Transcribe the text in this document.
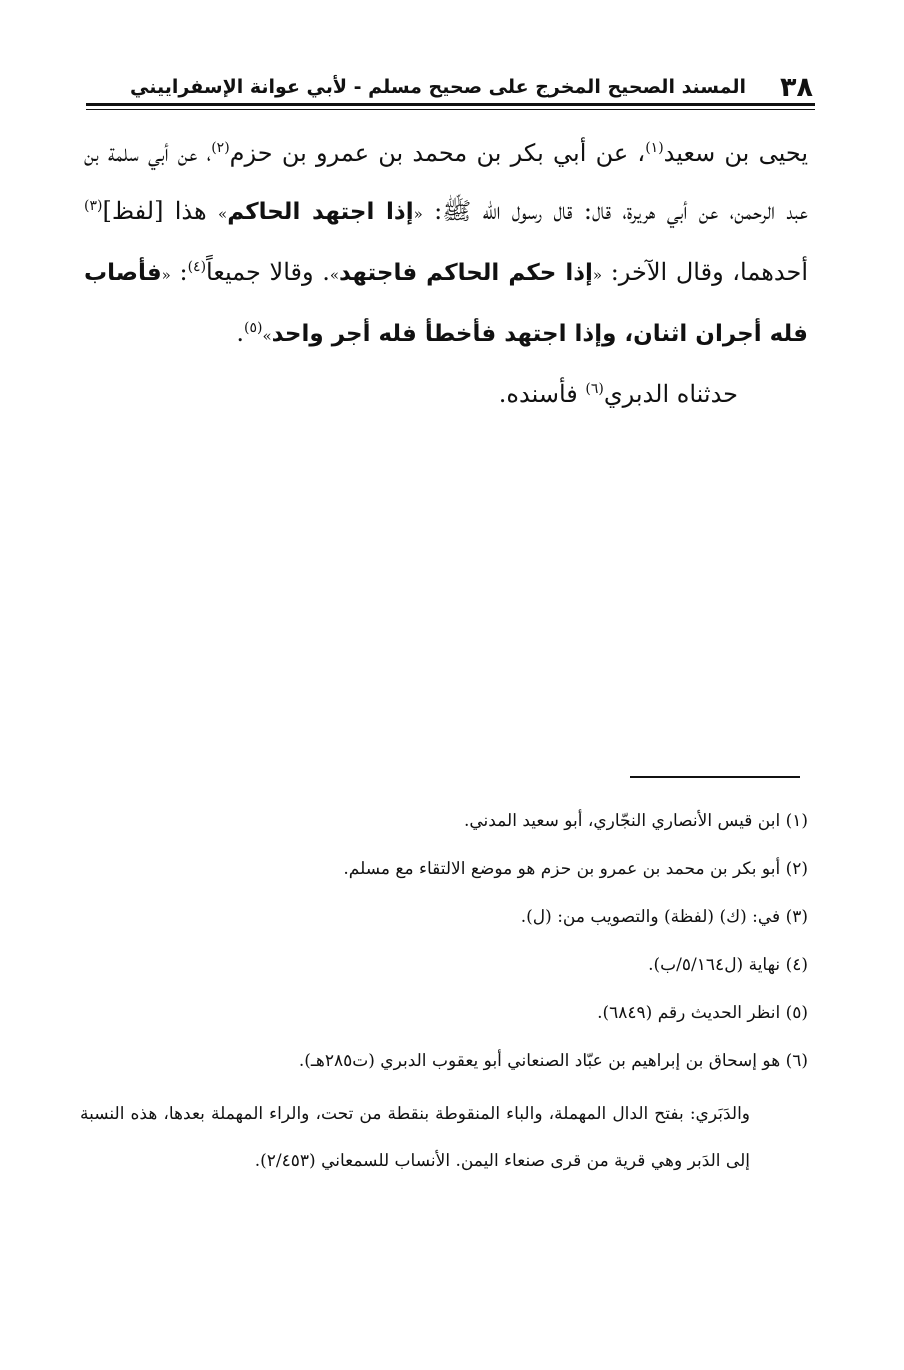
٣٨
المسند الصحيح المخرج على صحيح مسلم - لأبي عوانة الإسفراييني

يحيى بن سعيد$^{(١)}$، عن أبي بكر بن محمد بن عمرو بن حزم$^{(٢)}$، عن أبي سلمة بن عبد الرحمن، عن أبي هريرة، قال: قال رسول الله ﷺ: «إذا اجتهد الحاكم» هذا [لفظ]$^{(٣)}$ أحدهما، وقال الآخر: «إذا حكم الحاكم فاجتهد». وقالا جميعاً$^{(٤)}$: «فأصاب فله أجران اثنان، وإذا اجتهد فأخطأ فله أجر واحد»$^{(٥)}$.

حدثناه الدبري$^{(٦)}$ فأسنده.

(١) ابن قيس الأنصاري النجّاري، أبو سعيد المدني.

(٢) أبو بكر بن محمد بن عمرو بن حزم هو موضع الالتقاء مع مسلم.

(٣) في: (ك) (لفظة) والتصويب من: (ل).

(٤) نهاية (ل٥/١٦٤/ب).

(٥) انظر الحديث رقم (٦٨٤٩).

(٦) هو إسحاق بن إبراهيم بن عبّاد الصنعاني أبو يعقوب الدبري (ت٢٨٥هـ).

والدَبَري: بفتح الدال المهملة، والباء المنقوطة بنقطة من تحت، والراء المهملة بعدها، هذه النسبة إلى الدَبر وهي قرية من قرى صنعاء اليمن. الأنساب للسمعاني (٢/٤٥٣).
